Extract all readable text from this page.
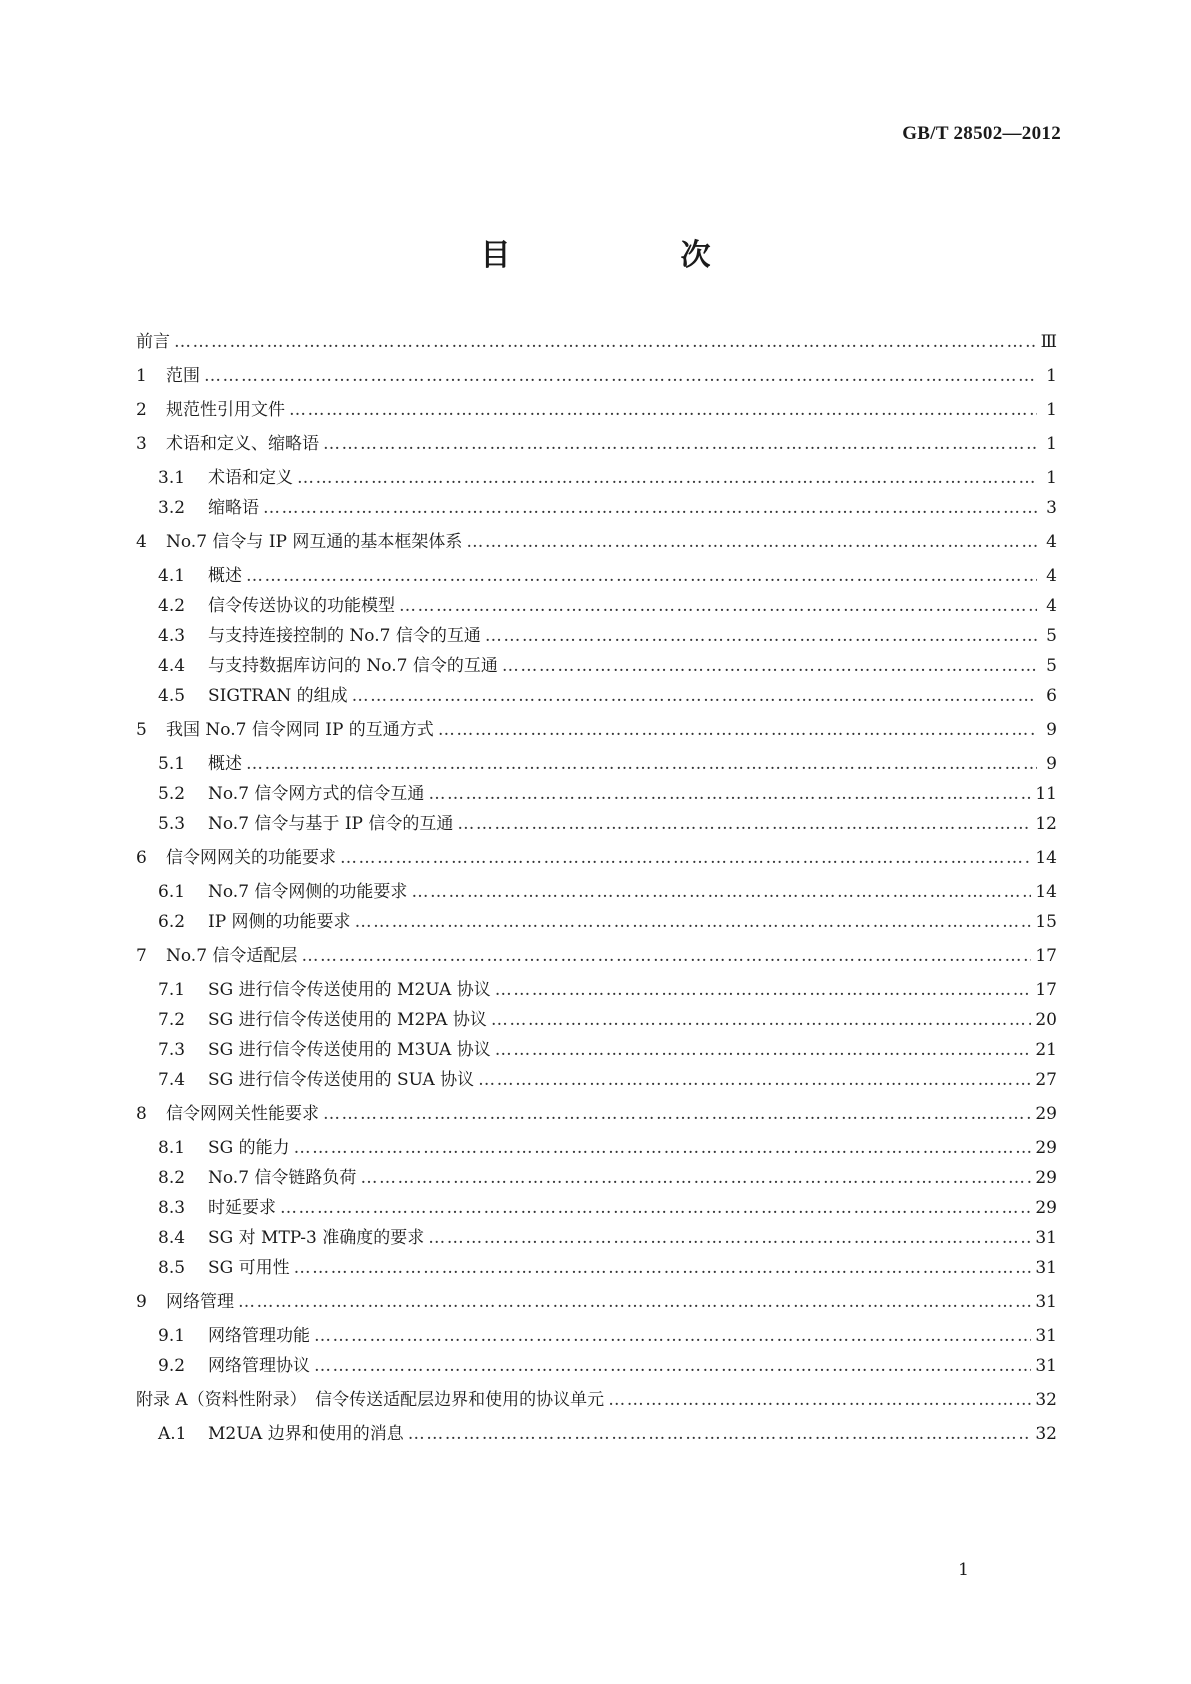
GB/T 28502—2012
目　次
前言 ……………………………………………………………………………………………………………………………………………………………………………………………………………………………………………………	Ⅲ
1	范围 ……………………………………………………………………………………………………………………………………………………………………………………………………………………………………………………	1
2	规范性引用文件 ……………………………………………………………………………………………………………………………………………………………………………………………………………………………………………………	1
3	术语和定义、缩略语 ……………………………………………………………………………………………………………………………………………………………………………………………………………………………………………………	1
3.1	术语和定义 ……………………………………………………………………………………………………………………………………………………………………………………………………………………………………………………	1
3.2	缩略语 ……………………………………………………………………………………………………………………………………………………………………………………………………………………………………………………	3
4	No.7 信令与 IP 网互通的基本框架体系 ……………………………………………………………………………………………………………………………………………………………………………………………………………………………………………………	4
4.1	概述 ……………………………………………………………………………………………………………………………………………………………………………………………………………………………………………………	4
4.2	信令传送协议的功能模型 ……………………………………………………………………………………………………………………………………………………………………………………………………………………………………………………	4
4.3	与支持连接控制的 No.7 信令的互通 ……………………………………………………………………………………………………………………………………………………………………………………………………………………………………………………	5
4.4	与支持数据库访问的 No.7 信令的互通 ……………………………………………………………………………………………………………………………………………………………………………………………………………………………………………………	5
4.5	SIGTRAN 的组成 ……………………………………………………………………………………………………………………………………………………………………………………………………………………………………………………	6
5	我国 No.7 信令网同 IP 的互通方式 ……………………………………………………………………………………………………………………………………………………………………………………………………………………………………………………	9
5.1	概述 ……………………………………………………………………………………………………………………………………………………………………………………………………………………………………………………	9
5.2	No.7 信令网方式的信令互通 ……………………………………………………………………………………………………………………………………………………………………………………………………………………………………………………	11
5.3	No.7 信令与基于 IP 信令的互通 ……………………………………………………………………………………………………………………………………………………………………………………………………………………………………………………	12
6	信令网网关的功能要求 ……………………………………………………………………………………………………………………………………………………………………………………………………………………………………………………	14
6.1	No.7 信令网侧的功能要求 ……………………………………………………………………………………………………………………………………………………………………………………………………………………………………………………	14
6.2	IP 网侧的功能要求 ……………………………………………………………………………………………………………………………………………………………………………………………………………………………………………………	15
7	No.7 信令适配层 ……………………………………………………………………………………………………………………………………………………………………………………………………………………………………………………	17
7.1	SG 进行信令传送使用的 M2UA 协议 ……………………………………………………………………………………………………………………………………………………………………………………………………………………………………………………	17
7.2	SG 进行信令传送使用的 M2PA 协议 ……………………………………………………………………………………………………………………………………………………………………………………………………………………………………………………	20
7.3	SG 进行信令传送使用的 M3UA 协议 ……………………………………………………………………………………………………………………………………………………………………………………………………………………………………………………	21
7.4	SG 进行信令传送使用的 SUA 协议 ……………………………………………………………………………………………………………………………………………………………………………………………………………………………………………………	27
8	信令网网关性能要求 ……………………………………………………………………………………………………………………………………………………………………………………………………………………………………………………	29
8.1	SG 的能力 ……………………………………………………………………………………………………………………………………………………………………………………………………………………………………………………	29
8.2	No.7 信令链路负荷 ……………………………………………………………………………………………………………………………………………………………………………………………………………………………………………………	29
8.3	时延要求 ……………………………………………………………………………………………………………………………………………………………………………………………………………………………………………………	29
8.4	SG 对 MTP-3 准确度的要求 ……………………………………………………………………………………………………………………………………………………………………………………………………………………………………………………	31
8.5	SG 可用性 ……………………………………………………………………………………………………………………………………………………………………………………………………………………………………………………	31
9	网络管理 ……………………………………………………………………………………………………………………………………………………………………………………………………………………………………………………	31
9.1	网络管理功能 ……………………………………………………………………………………………………………………………………………………………………………………………………………………………………………………	31
9.2	网络管理协议 ……………………………………………………………………………………………………………………………………………………………………………………………………………………………………………………	31
附录 A（资料性附录）　信令传送适配层边界和使用的协议单元 ……………………………………………………………………………………………………………………………………………………………………………………………………………………………………………………	32
A.1	M2UA 边界和使用的消息 ……………………………………………………………………………………………………………………………………………………………………………………………………………………………………………………	32
1
